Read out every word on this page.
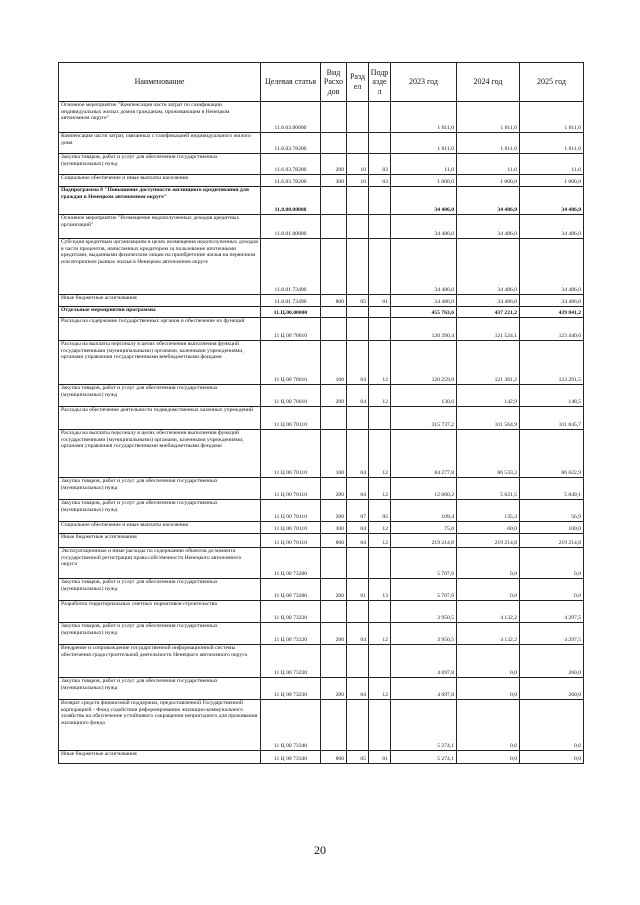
Наименование	Целевая статья	Вид Расхо дов	Разд ел	Подр азде л	2023 год	2024 год	2025 год
Основное мероприятие "Компенсация части затрат по газификации индивидуальных жилых домов гражданам, проживающим в Ненецком автономном округе"	11.6.03.00000				1 011,0	1 011,0	1 011,0
Компенсация части затрат, связанных с газификацией индивидуального жилого дома	11.6.03.78200				1 011,0	1 011,0	1 011,0
Закупка товаров, работ и услуг для обеспечения государственных (муниципальных) нужд	11.6.03.78200	200	10	03	11,0	11,0	11,0
Социальное обеспечение и иные выплаты населению	11.6.03.78200	300	10	03	1 000,0	1 000,0	1 000,0
Подпрограмма 8 "Повышение доступности жилищного кредитования для граждан в Ненецком автономном округе"	11.8.00.00000				34 486,0	34 486,0	34 486,0
Основное мероприятие "Возмещение недополученных доходов кредитных организаций"	11.8.01.00000				34 486,0	34 486,0	34 486,0
Субсидия кредитным организациям в целях возмещения недополученных доходов в части процентов, начисленных кредитором за пользование ипотечными кредитами, выданными физическим лицам на приобретение жилья на первичном или вторичном рынках жилья в Ненецком автономном округе	11.8.01.73490				34 486,0	34 486,0	34 486,0
Иные бюджетные ассигнования	11.8.01.73490	800	05	01	34 486,0	34 486,0	34 486,0
Отдельные мероприятия программы	11.Ц.00.00000				455 763,6	437 221,2	439 841,2
Расходы на содержание государственных органов и обеспечение их функций	11 Ц 00 70010				120 390,4	121 524,1	123 440,0
Расходы на выплаты персоналу в целях обеспечения выполнения функций государственными (муниципальными) органами, казенными учреждениями, органами управления государственными внебюджетными фондами	11 Ц 00 70010	100	04	12	120 259,8	121 381,2	123 291,5
Закупка товаров, работ и услуг для обеспечения государственных (муниципальных) нужд	11 Ц 00 70010	200	04	12	130,6	142,9	148,5
Расходы на обеспечение деятельности подведомственных казенных учреждений	11 Ц 00 70110				315 737,2	311 564,9	311 845,7
Расходы на выплаты персоналу в целях обеспечения выполнения функций государственными (муниципальными) органами, казенными учреждениями, органами управления государственными внебюджетными фондами	11 Ц 00 70110	100	04	12	84 277,8	86 533,3	86 622,9
Закупка товаров, работ и услуг для обеспечения государственных (муниципальных) нужд	11 Ц 00 70110	200	04	12	12 060,2	5 621,5	5 849,1
Закупка товаров, работ и услуг для обеспечения государственных (муниципальных) нужд	11 Ц 00 70110	200	07	05	109,4	135,3	56,9
Социальное обеспечение и иные выплаты населению	11 Ц 00 70110	300	04	12	75,0	60,0	100,0
Иные бюджетные ассигнования	11 Ц 00 70110	800	04	12	219 214,8	219 214,8	219 214,8
Эксплуатационные и иные расходы по содержанию объектов до момента государственной регистрации права собственности Ненецкого автономного округа	11 Ц 00 73200				5 707,6	0,0	0,0
Закупка товаров, работ и услуг для обеспечения государственных (муниципальных) нужд	11 Ц 00 73200	200	01	13	5 707,6	0,0	0,0
Разработка территориальных сметных нормативов строительства	11 Ц 00 73220				3 950,5	4 132,2	4 297,5
Закупка товаров, работ и услуг для обеспечения государственных (муниципальных) нужд	11 Ц 00 73220	200	04	12	3 950,5	4 132,2	4 297,5
Внедрение и сопровождение государственной информационной системы обеспечения градостроительной деятельности Ненецкого автономного округа	11 Ц 00 73230				4 697,8	0,0	260,0
Закупка товаров, работ и услуг для обеспечения государственных (муниципальных) нужд	11 Ц 00 73230	200	04	12	4 697,8	0,0	260,0
Возврат средств финансовой поддержки, предоставленной Государственной корпорацией - Фонд содействия реформированию жилищно-коммунального хозяйства на обеспечение устойчивого сокращения непригодного для проживания жилищного фонда	11 Ц 00 73340				5 274,1	0,0	0,0
Иные бюджетные ассигнования	11 Ц 00 73340	800	05	01	5 274,1	0,0	0,0
20
